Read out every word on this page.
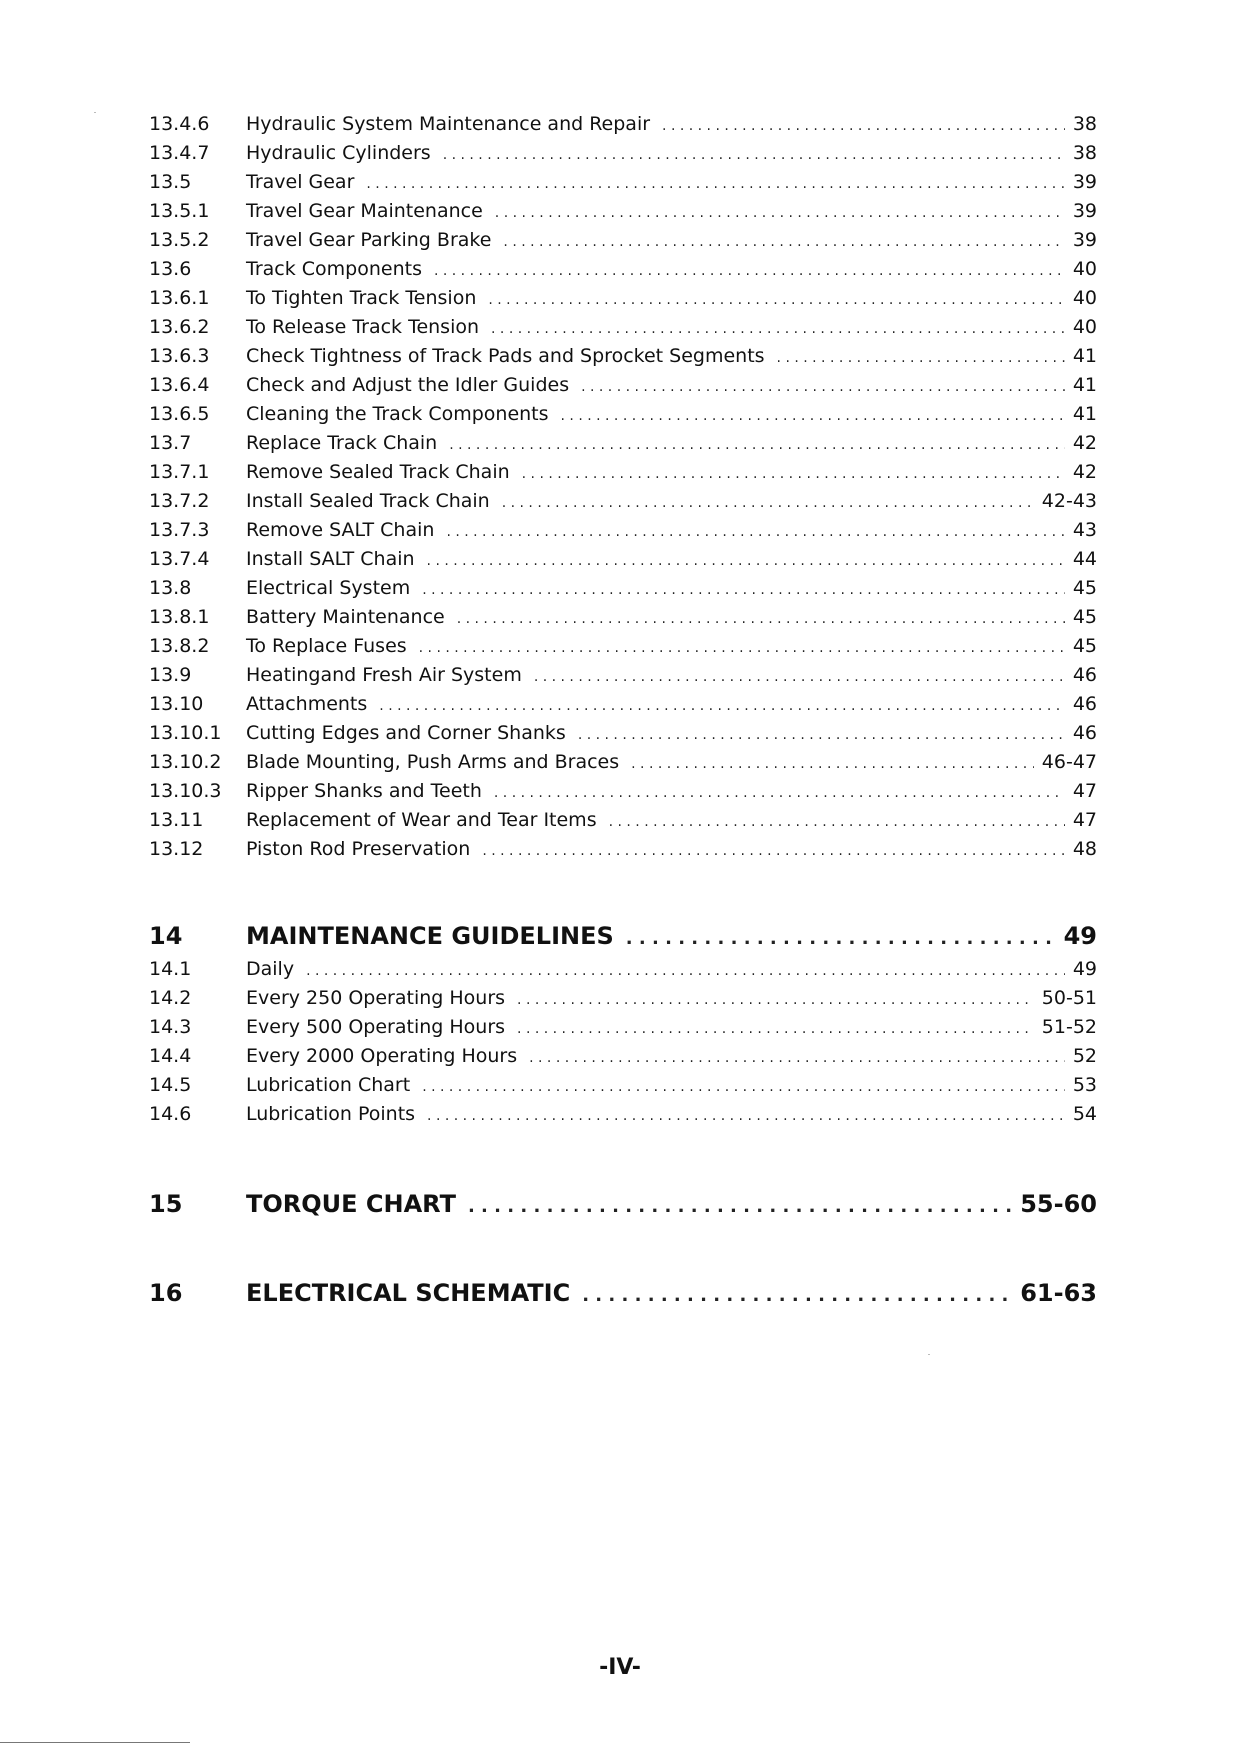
13.4.6	Hydraulic System Maintenance and Repair . . .	38
13.4.7	Hydraulic Cylinders . . .	38
13.5	Travel Gear . . .	39
13.5.1	Travel Gear Maintenance . . .	39
13.5.2	Travel Gear Parking Brake . . .	39
13.6	Track Components . . .	40
13.6.1	To Tighten Track Tension . . .	40
13.6.2	To Release Track Tension . . .	40
13.6.3	Check Tightness of Track Pads and Sprocket Segments . . .	41
13.6.4	Check and Adjust the Idler Guides . . .	41
13.6.5	Cleaning the Track Components . . .	41
13.7	Replace Track Chain . . .	42
13.7.1	Remove Sealed Track Chain . . .	42
13.7.2	Install Sealed Track Chain . . .	42-43
13.7.3	Remove SALT Chain . . .	43
13.7.4	Install SALT Chain . . .	44
13.8	Electrical System . . .	45
13.8.1	Battery Maintenance . . .	45
13.8.2	To Replace Fuses . . .	45
13.9	Heatingand Fresh Air System . . .	46
13.10	Attachments . . .	46
13.10.1	Cutting Edges and Corner Shanks . . .	46
13.10.2	Blade Mounting, Push Arms and Braces . . .	46-47
13.10.3	Ripper Shanks and Teeth . . .	47
13.11	Replacement of Wear and Tear Items . . .	47
13.12	Piston Rod Preservation . . .	48
14	MAINTENANCE GUIDELINES . . .	49
14.1	Daily . . .	49
14.2	Every 250 Operating Hours . . .	50-51
14.3	Every 500 Operating Hours . . .	51-52
14.4	Every 2000 Operating Hours . . .	52
14.5	Lubrication Chart . . .	53
14.6	Lubrication Points . . .	54
15	TORQUE CHART . . .	55-60
16	ELECTRICAL SCHEMATIC . . .	61-63
-IV-
